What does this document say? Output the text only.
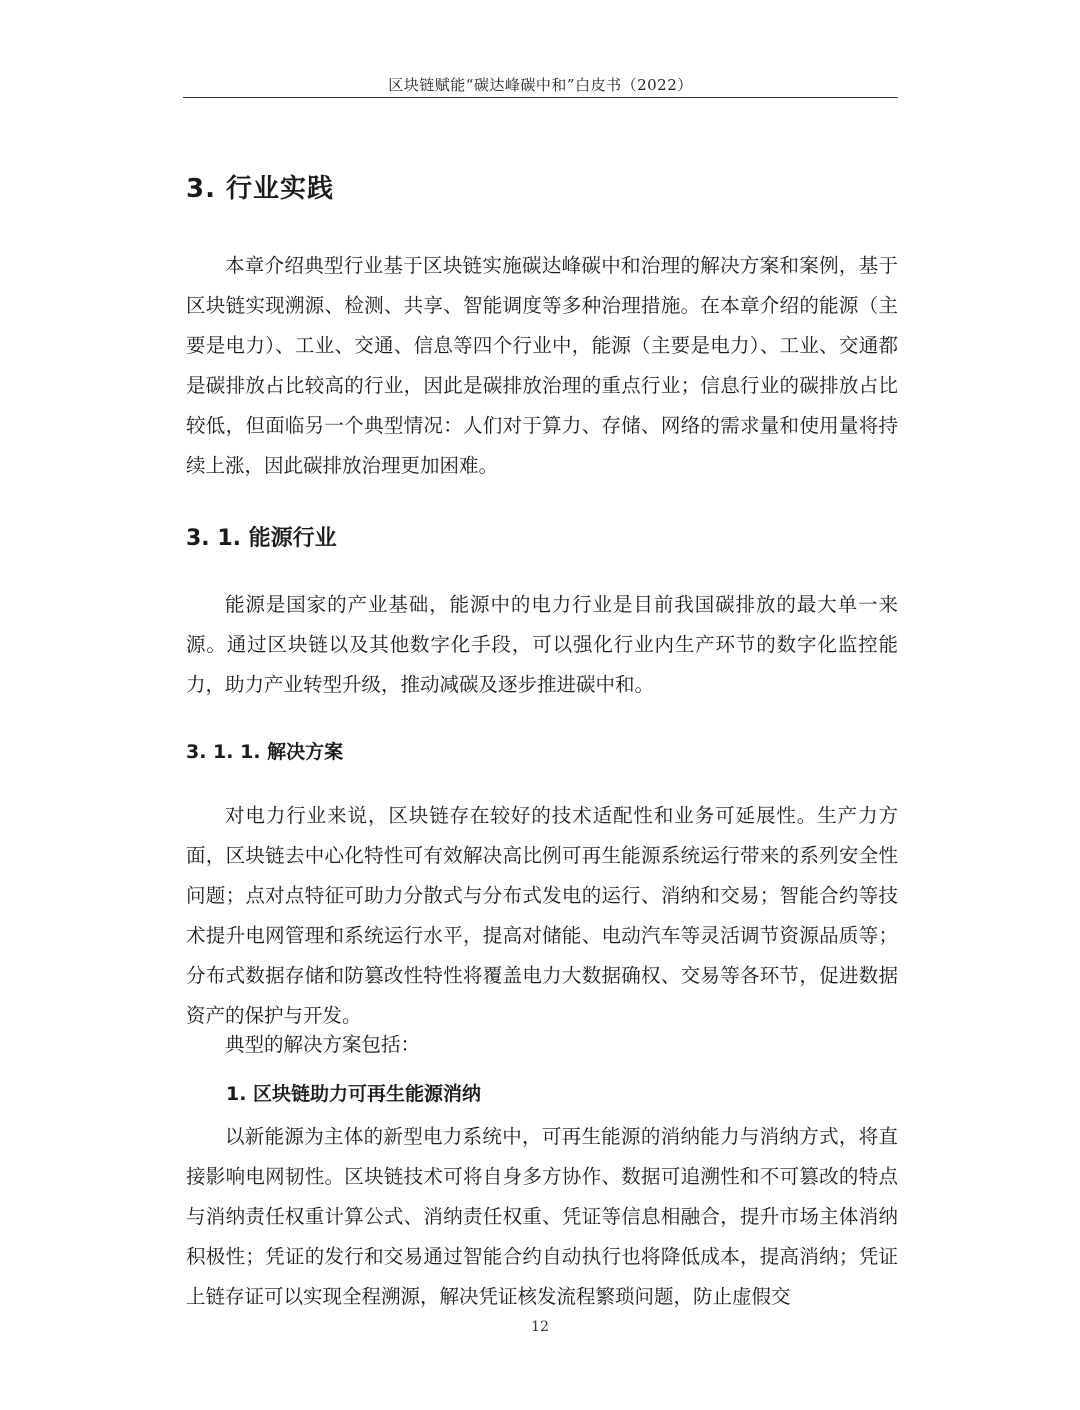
区块链赋能“碳达峰碳中和”白皮书（2022）
3. 行业实践

本章介绍典型行业基于区块链实施碳达峰碳中和治理的解决方案和案例，基于区块链实现溯源、检测、共享、智能调度等多种治理措施。在本章介绍的能源（主要是电力）、工业、交通、信息等四个行业中，能源（主要是电力）、工业、交通都是碳排放占比较高的行业，因此是碳排放治理的重点行业；信息行业的碳排放占比较低，但面临另一个典型情况：人们对于算力、存储、网络的需求量和使用量将持续上涨，因此碳排放治理更加困难。

3. 1. 能源行业

能源是国家的产业基础，能源中的电力行业是目前我国碳排放的最大单一来源。通过区块链以及其他数字化手段，可以强化行业内生产环节的数字化监控能力，助力产业转型升级，推动减碳及逐步推进碳中和。

3. 1. 1. 解决方案

对电力行业来说，区块链存在较好的技术适配性和业务可延展性。生产力方面，区块链去中心化特性可有效解决高比例可再生能源系统运行带来的系列安全性问题；点对点特征可助力分散式与分布式发电的运行、消纳和交易；智能合约等技术提升电网管理和系统运行水平，提高对储能、电动汽车等灵活调节资源品质等；分布式数据存储和防篡改性特性将覆盖电力大数据确权、交易等各环节，促进数据资产的保护与开发。

典型的解决方案包括：

1. 区块链助力可再生能源消纳

以新能源为主体的新型电力系统中，可再生能源的消纳能力与消纳方式，将直接影响电网韧性。区块链技术可将自身多方协作、数据可追溯性和不可篡改的特点与消纳责任权重计算公式、消纳责任权重、凭证等信息相融合，提升市场主体消纳积极性；凭证的发行和交易通过智能合约自动执行也将降低成本，提高消纳；凭证上链存证可以实现全程溯源，解决凭证核发流程繁琐问题，防止虚假交

12
